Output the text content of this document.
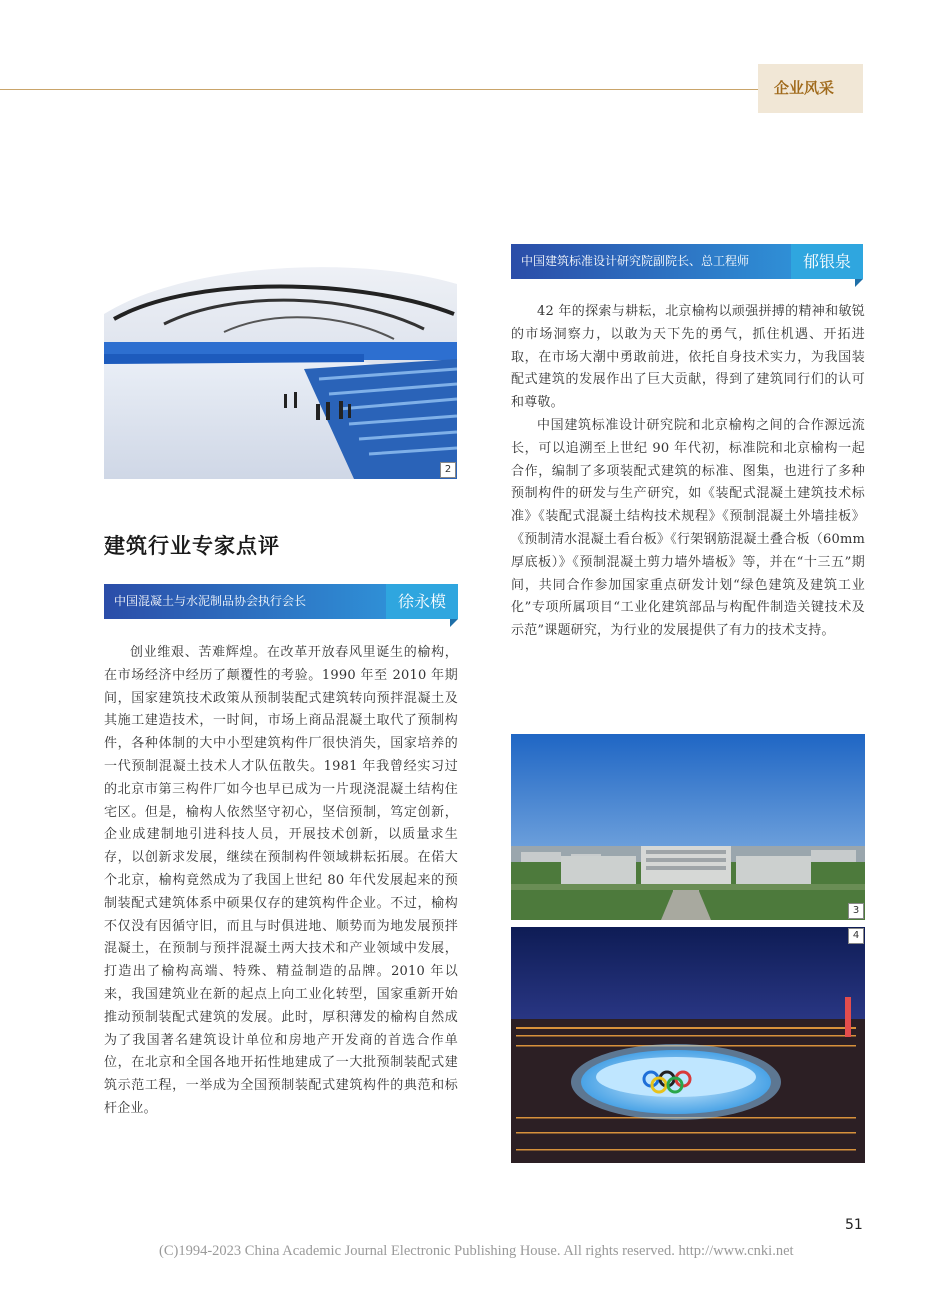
企业风采
2
建筑行业专家点评
中国混凝土与水泥制品协会执行会长	徐永模

创业维艰、苦难辉煌。在改革开放春风里诞生的榆构，在市场经济中经历了颠覆性的考验。1990 年至 2010 年期间，国家建筑技术政策从预制装配式建筑转向预拌混凝土及其施工建造技术，一时间，市场上商品混凝土取代了预制构件，各种体制的大中小型建筑构件厂很快消失，国家培养的一代预制混凝土技术人才队伍散失。1981 年我曾经实习过的北京市第三构件厂如今也早已成为一片现浇混凝土结构住宅区。但是，榆构人依然坚守初心，坚信预制，笃定创新，企业成建制地引进科技人员，开展技术创新，以质量求生存，以创新求发展，继续在预制构件领域耕耘拓展。在偌大个北京，榆构竟然成为了我国上世纪 80 年代发展起来的预制装配式建筑体系中硕果仅存的建筑构件企业。不过，榆构不仅没有因循守旧，而且与时俱进地、顺势而为地发展预拌混凝土，在预制与预拌混凝土两大技术和产业领域中发展，打造出了榆构高端、特殊、精益制造的品牌。2010 年以来，我国建筑业在新的起点上向工业化转型，国家重新开始推动预制装配式建筑的发展。此时，厚积薄发的榆构自然成为了我国著名建筑设计单位和房地产开发商的首选合作单位，在北京和全国各地开拓性地建成了一大批预制装配式建筑示范工程，一举成为全国预制装配式建筑构件的典范和标杆企业。

中国建筑标准设计研究院副院长、总工程师	郁银泉

42 年的探索与耕耘，北京榆构以顽强拼搏的精神和敏锐的市场洞察力，以敢为天下先的勇气，抓住机遇、开拓进取，在市场大潮中勇敢前进，依托自身技术实力，为我国装配式建筑的发展作出了巨大贡献，得到了建筑同行们的认可和尊敬。

中国建筑标准设计研究院和北京榆构之间的合作源远流长，可以追溯至上世纪 90 年代初，标准院和北京榆构一起合作，编制了多项装配式建筑的标准、图集，也进行了多种预制构件的研发与生产研究，如《装配式混凝土建筑技术标准》《装配式混凝土结构技术规程》《预制混凝土外墙挂板》《预制清水混凝土看台板》《行架钢筋混凝土叠合板（60mm 厚底板）》《预制混凝土剪力墙外墙板》等，并在“十三五”期间，共同合作参加国家重点研发计划“绿色建筑及建筑工业化”专项所属项目“工业化建筑部品与构配件制造关键技术及示范”课题研究，为行业的发展提供了有力的技术支持。

3
4
51
(C)1994-2023 China Academic Journal Electronic Publishing House. All rights reserved. http://www.cnki.net
